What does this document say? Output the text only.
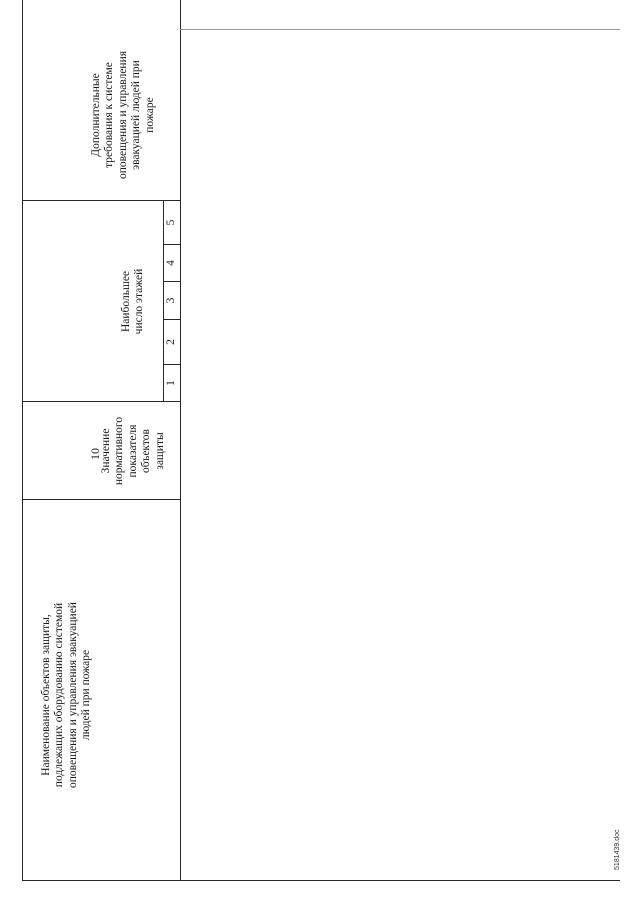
5181439.doc
10
Наименование объектов защиты, подлежащих оборудованию системой оповещения и управления эвакуацией людей при пожаре
Значение нормативного показателя объектов защиты
Наибольшее число этажей
Дополнительные требования к системе оповещения и управления эвакуацией людей при пожаре
1
2
3
4
5
